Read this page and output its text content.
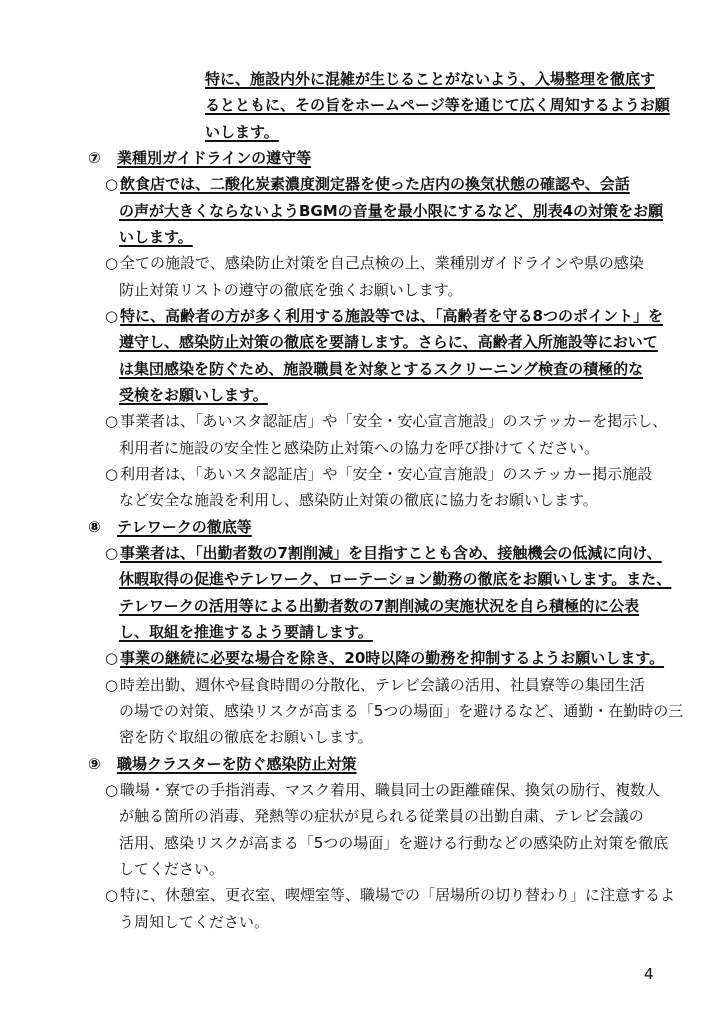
特に、施設内外に混雑が生じることがないよう、入場整理を徹底す
るとともに、その旨をホームページ等を通じて広く周知するようお願
いします。
⑦ 業種別ガイドラインの遵守等
○ 飲食店では、二酸化炭素濃度測定器を使った店内の換気状態の確認や、会話
の声が大きくならないようBGMの音量を最小限にするなど、別表4の対策をお願
いします。
○ 全ての施設で、感染防止対策を自己点検の上、業種別ガイドラインや県の感染
防止対策リストの遵守の徹底を強くお願いします。
○ 特に、高齢者の方が多く利用する施設等では、「高齢者を守る8つのポイント」を
遵守し、感染防止対策の徹底を要請します。さらに、高齢者入所施設等において
は集団感染を防ぐため、施設職員を対象とするスクリーニング検査の積極的な
受検をお願いします。
○ 事業者は、「あいスタ認証店」や「安全・安心宣言施設」のステッカーを掲示し、
利用者に施設の安全性と感染防止対策への協力を呼び掛けてください。
○ 利用者は、「あいスタ認証店」や「安全・安心宣言施設」のステッカー掲示施設
など安全な施設を利用し、感染防止対策の徹底に協力をお願いします。
⑧ テレワークの徹底等
○ 事業者は、「出勤者数の7割削減」を目指すことも含め、接触機会の低減に向け、
休暇取得の促進やテレワーク、ローテーション勤務の徹底をお願いします。また、
テレワークの活用等による出勤者数の7割削減の実施状況を自ら積極的に公表
し、取組を推進するよう要請します。
○ 事業の継続に必要な場合を除き、20時以降の勤務を抑制するようお願いします。
○ 時差出勤、週休や昼食時間の分散化、テレビ会議の活用、社員寮等の集団生活
の場での対策、感染リスクが高まる「5つの場面」を避けるなど、通勤・在勤時の三
密を防ぐ取組の徹底をお願いします。
⑨ 職場クラスターを防ぐ感染防止対策
○ 職場・寮での手指消毒、マスク着用、職員同士の距離確保、換気の励行、複数人
が触る箇所の消毒、発熱等の症状が見られる従業員の出勤自粛、テレビ会議の
活用、感染リスクが高まる「5つの場面」を避ける行動などの感染防止対策を徹底
してください。
○ 特に、休憩室、更衣室、喫煙室等、職場での「居場所の切り替わり」に注意するよ
う周知してください。
4
